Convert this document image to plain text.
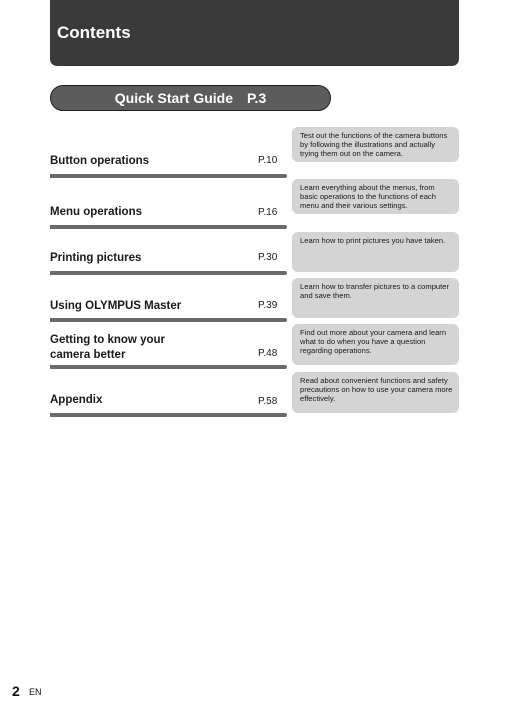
Contents
Quick Start Guide P.3
Test out the functions of the camera buttons by following the illustrations and actually trying them out on the camera.
Button operations	P.10
Learn everything about the menus, from basic operations to the functions of each menu and their various settings.
Menu operations	P.16
Learn how to print pictures you have taken.
Printing pictures	P.30
Learn how to transfer pictures to a computer and save them.
Using OLYMPUS Master	P.39
Find out more about your camera and learn what to do when you have a question regarding operations.
Getting to know your
camera better	P.48
Read about convenient functions and safety precautions on how to use your camera more effectively.
Appendix	P.58
2 EN
